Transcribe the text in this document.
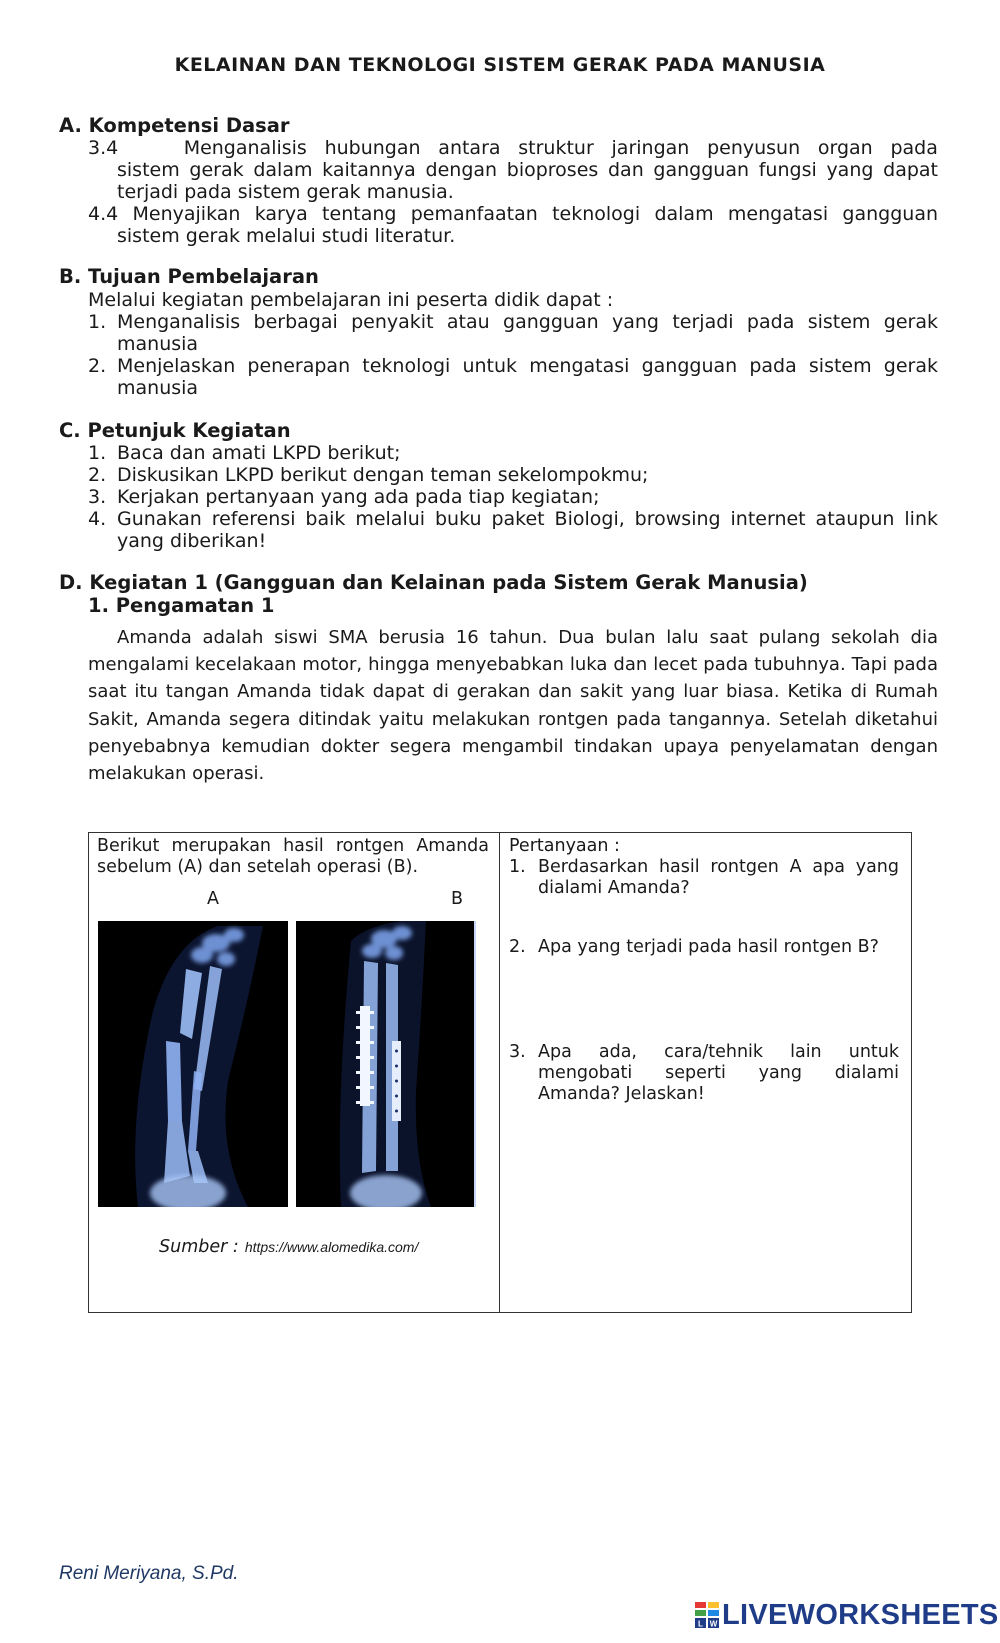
KELAINAN DAN TEKNOLOGI SISTEM GERAK PADA MANUSIA
A. Kompetensi Dasar
3.4	Menganalisis hubungan antara struktur jaringan penyusun organ pada
sistem gerak dalam kaitannya dengan bioproses dan gangguan fungsi yang dapat terjadi pada sistem gerak manusia.
4.4 Menyajikan karya tentang pemanfaatan teknologi dalam mengatasi gangguan sistem gerak melalui studi literatur.
B. Tujuan Pembelajaran
Melalui kegiatan pembelajaran ini peserta didik dapat :
1. Menganalisis berbagai penyakit atau gangguan yang terjadi pada sistem gerak manusia
2. Menjelaskan penerapan teknologi untuk mengatasi gangguan pada sistem gerak manusia
C. Petunjuk Kegiatan
1. Baca dan amati LKPD berikut;
2. Diskusikan LKPD berikut dengan teman sekelompokmu;
3. Kerjakan pertanyaan yang ada pada tiap kegiatan;
4. Gunakan referensi baik melalui buku paket Biologi, browsing internet ataupun link yang diberikan!
D. Kegiatan 1 (Gangguan dan Kelainan pada Sistem Gerak Manusia)
1. Pengamatan 1
Amanda adalah siswi SMA berusia 16 tahun. Dua bulan lalu saat pulang sekolah dia mengalami kecelakaan motor, hingga menyebabkan luka dan lecet pada tubuhnya. Tapi pada saat itu tangan Amanda tidak dapat di gerakan dan sakit yang luar biasa. Ketika di Rumah Sakit, Amanda segera ditindak yaitu melakukan rontgen pada tangannya. Setelah diketahui penyebabnya kemudian dokter segera mengambil tindakan upaya penyelamatan dengan melakukan operasi.
Berikut merupakan hasil rontgen Amanda sebelum (A) dan setelah operasi (B).
A	B
Sumber : https://www.alomedika.com/
Pertanyaan :
1. Berdasarkan hasil rontgen A apa yang dialami Amanda?
2. Apa yang terjadi pada hasil rontgen B?
3. Apa ada, cara/tehnik lain untuk mengobati seperti yang dialami Amanda? Jelaskan!
Reni Meriyana, S.Pd.
L W LIVEWORKSHEETS
